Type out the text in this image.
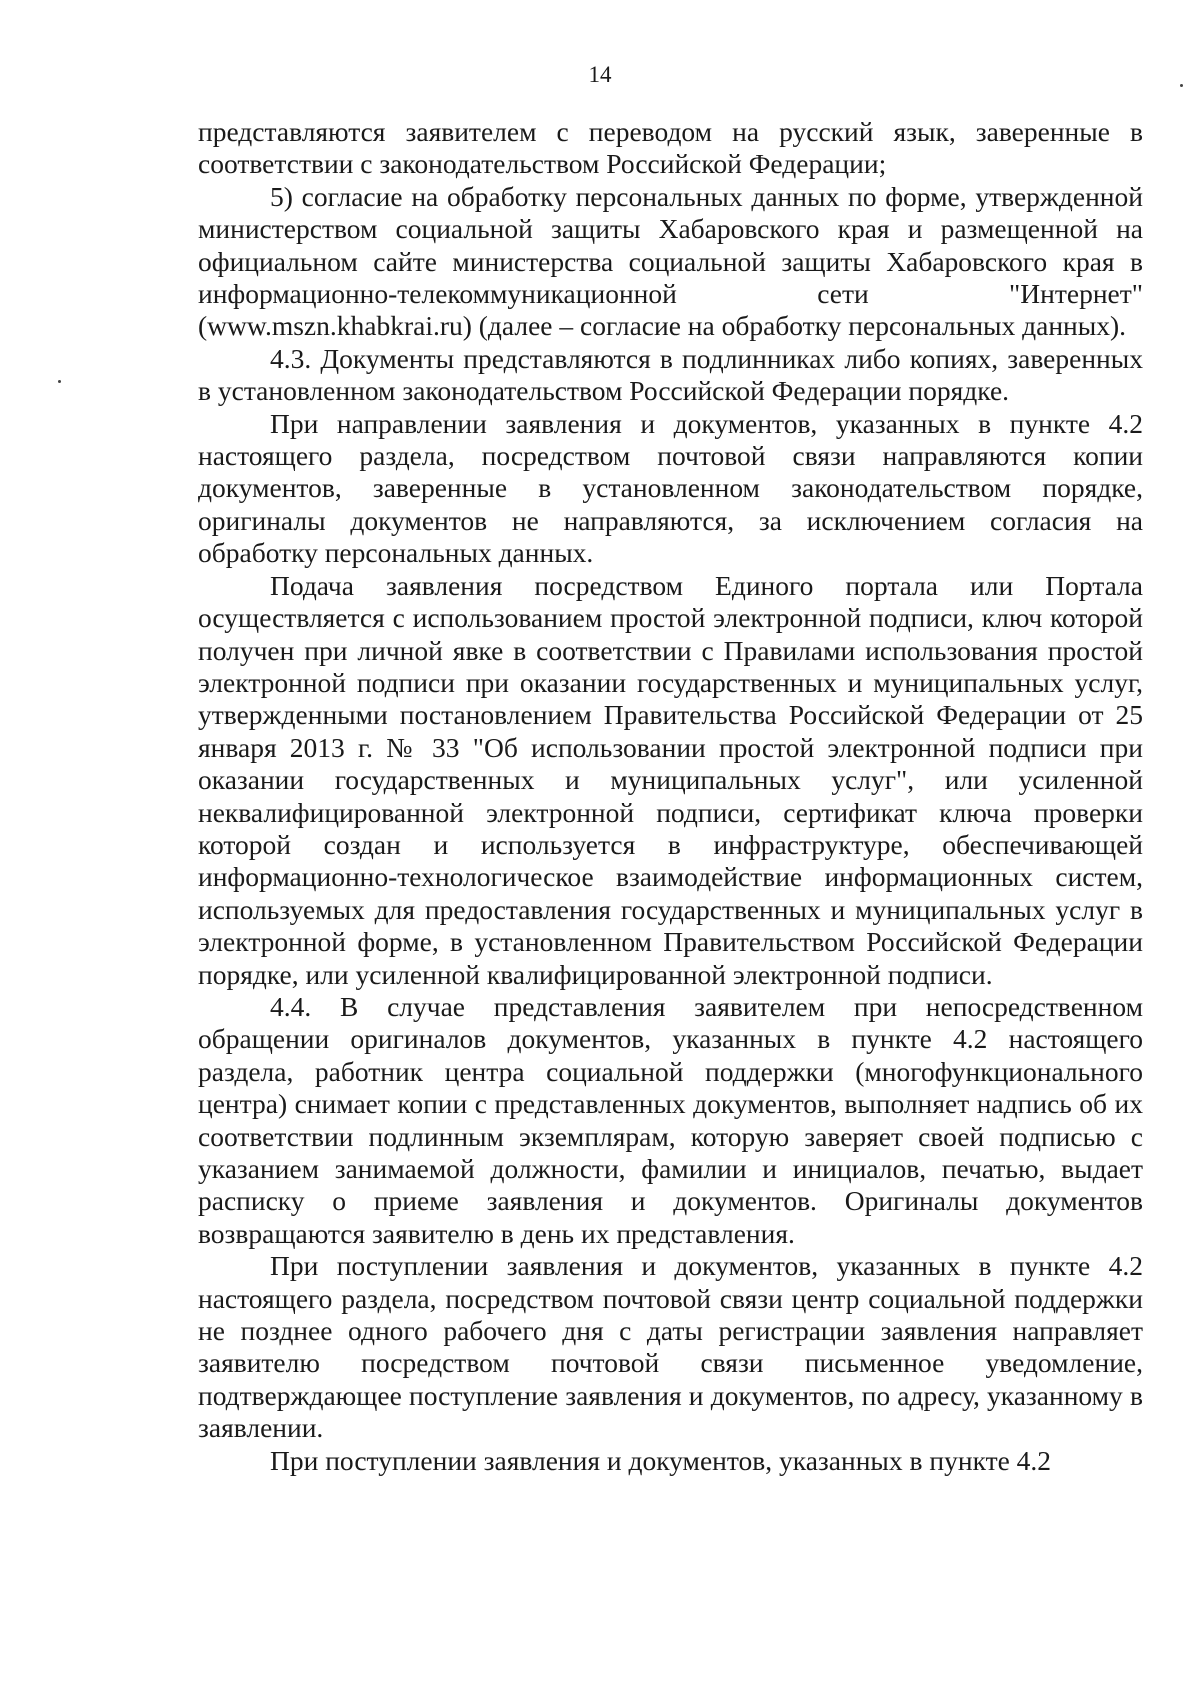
14

представляются заявителем с переводом на русский язык, заверенные в соответствии с законодательством Российской Федерации;

5) согласие на обработку персональных данных по форме, утвержденной министерством социальной защиты Хабаровского края и размещенной на официальном сайте министерства социальной защиты Хабаровского края в информационно-телекоммуникационной сети "Интернет" (www.mszn.khabkrai.ru) (далее – согласие на обработку персональных данных).

4.3. Документы представляются в подлинниках либо копиях, заверенных в установленном законодательством Российской Федерации порядке.

При направлении заявления и документов, указанных в пункте 4.2 настоящего раздела, посредством почтовой связи направляются копии документов, заверенные в установленном законодательством порядке, оригиналы документов не направляются, за исключением согласия на обработку персональных данных.

Подача заявления посредством Единого портала или Портала осуществляется с использованием простой электронной подписи, ключ которой получен при личной явке в соответствии с Правилами использования простой электронной подписи при оказании государственных и муниципальных услуг, утвержденными постановлением Правительства Российской Федерации от 25 января 2013 г. № 33 "Об использовании простой электронной подписи при оказании государственных и муниципальных услуг", или усиленной неквалифицированной электронной подписи, сертификат ключа проверки которой создан и используется в инфраструктуре, обеспечивающей информационно-технологическое взаимодействие информационных систем, используемых для предоставления государственных и муниципальных услуг в электронной форме, в установленном Правительством Российской Федерации порядке, или усиленной квалифицированной электронной подписи.

4.4. В случае представления заявителем при непосредственном обращении оригиналов документов, указанных в пункте 4.2 настоящего раздела, работник центра социальной поддержки (многофункционального центра) снимает копии с представленных документов, выполняет надпись об их соответствии подлинным экземплярам, которую заверяет своей подписью с указанием занимаемой должности, фамилии и инициалов, печатью, выдает расписку о приеме заявления и документов. Оригиналы документов возвращаются заявителю в день их представления.

При поступлении заявления и документов, указанных в пункте 4.2 настоящего раздела, посредством почтовой связи центр социальной поддержки не позднее одного рабочего дня с даты регистрации заявления направляет заявителю посредством почтовой связи письменное уведомление, подтверждающее поступление заявления и документов, по адресу, указанному в заявлении.

При поступлении заявления и документов, указанных в пункте 4.2
